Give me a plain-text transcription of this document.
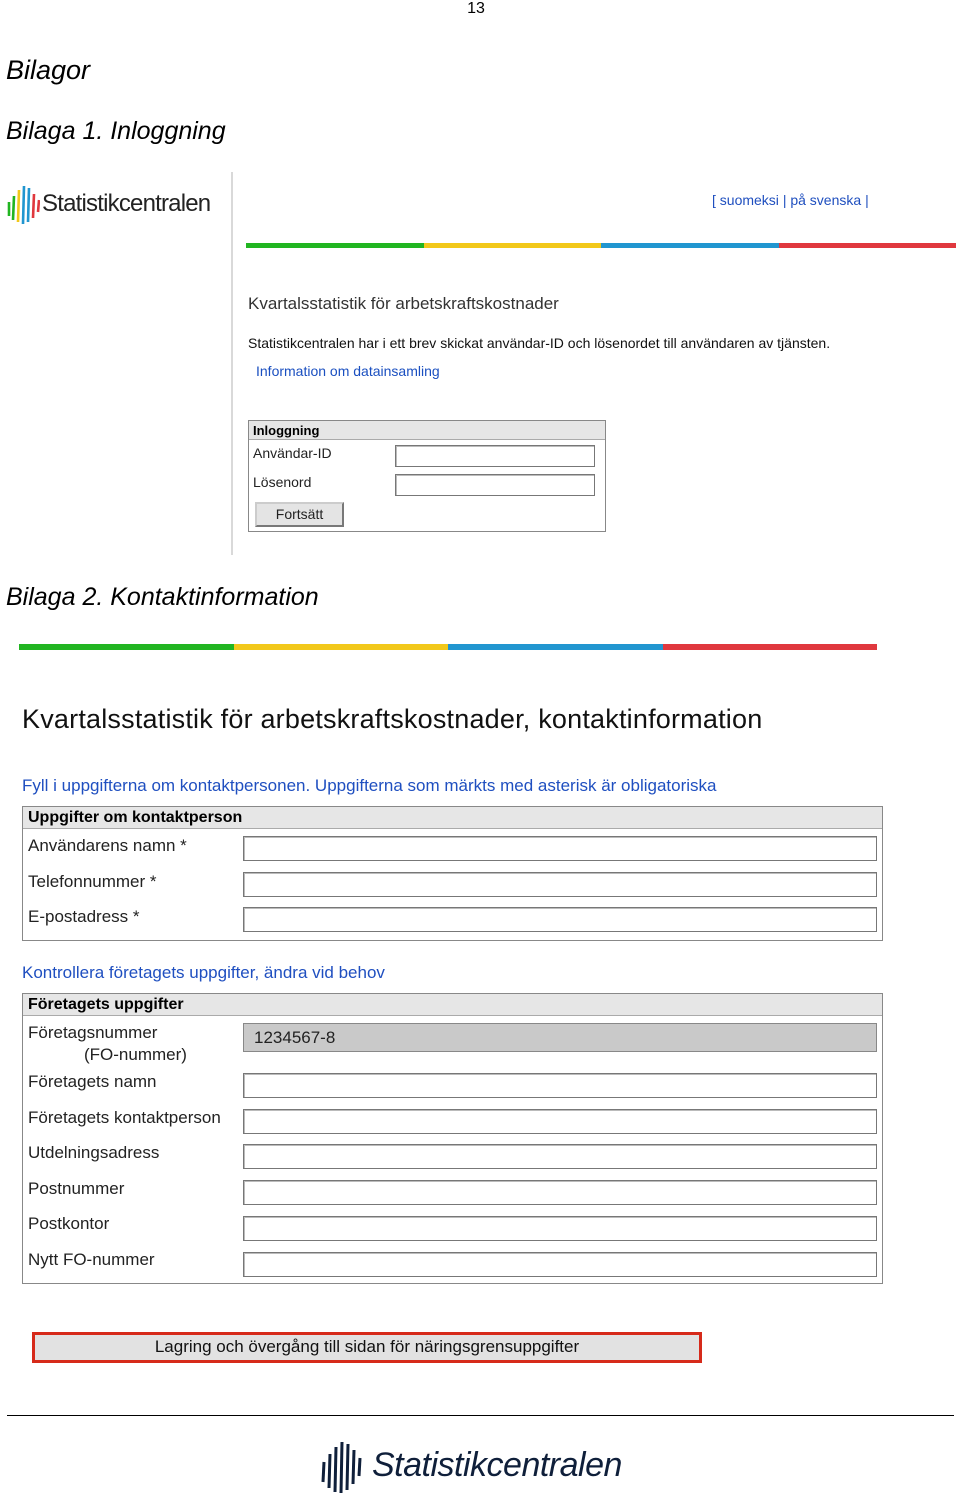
13
Bilagor
Bilaga 1. Inloggning
Statistikcentralen	[ suomeksi | på svenska |
Kvartalsstatistik för arbetskraftskostnader
Statistikcentralen har i ett brev skickat användar-ID och lösenordet till användaren av tjänsten.
Information om datainsamling
Inloggning
Användar-ID
Lösenord
Fortsätt
Bilaga 2. Kontaktinformation
Kvartalsstatistik för arbetskraftskostnader, kontaktinformation
Fyll i uppgifterna om kontaktpersonen. Uppgifterna som märkts med asterisk är obligatoriska
Uppgifter om kontaktperson
Användarens namn *
Telefonnummer *
E-postadress *
Kontrollera företagets uppgifter, ändra vid behov
Företagets uppgifter
Företagsnummer
(FO-nummer)
1234567-8
Företagets namn
Företagets kontaktperson
Utdelningsadress
Postnummer
Postkontor
Nytt FO-nummer
Lagring och övergång till sidan för näringsgrensuppgifter
Statistikcentralen
